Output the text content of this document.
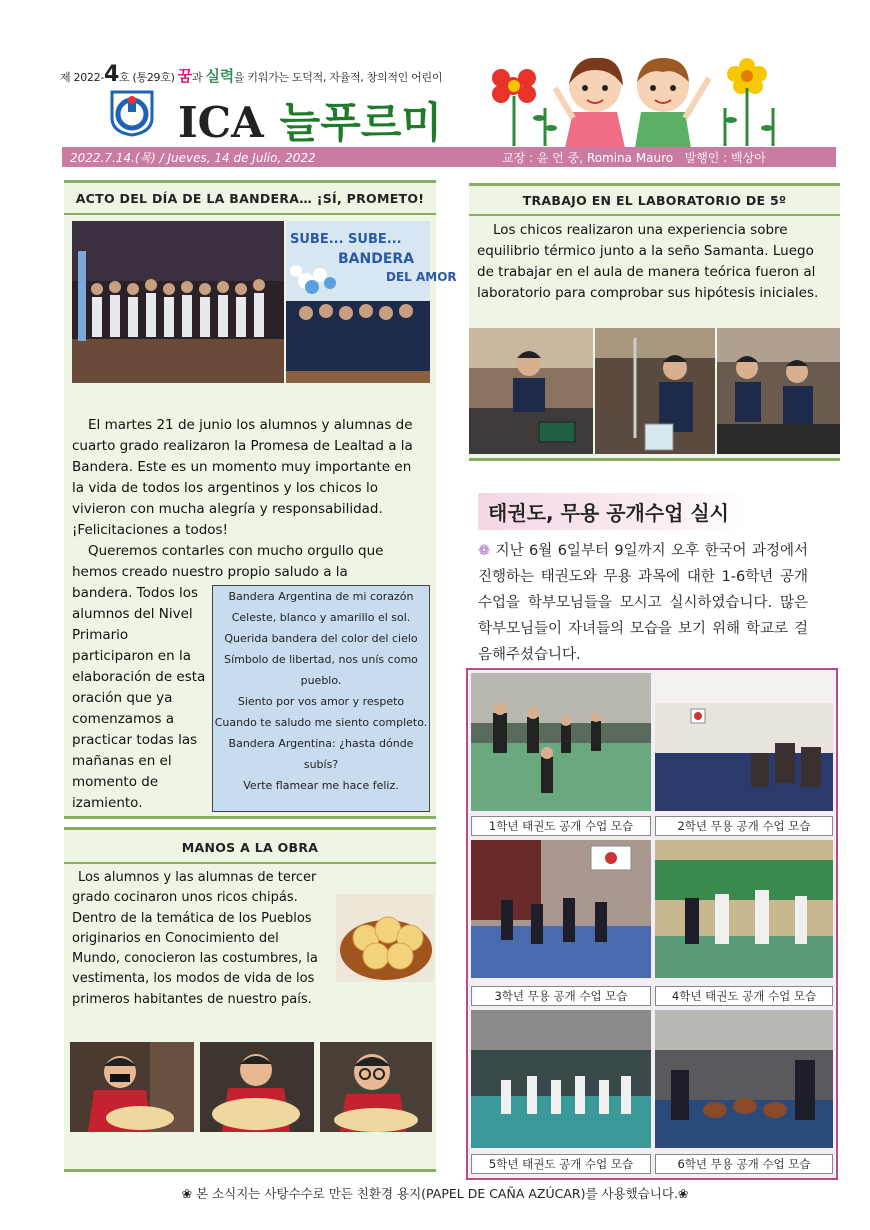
제 2022-4호 (통29호) 꿈과 실력을 키워가는 도덕적, 자율적, 창의적인 어린이
ICA 늘푸르미
2022.7.14.(목) / Jueves, 14 de Julio, 2022	교장 : 윤 언 중, Romina Mauro 발행인 : 백상아
ACTO DEL DÍA DE LA BANDERA… ¡SÍ, PROMETO!
SUBE... SUBE...
BANDERA
DEL AMOR
El martes 21 de junio los alumnos y alumnas de cuarto grado realizaron la Promesa de Lealtad a la Bandera. Este es un momento muy importante en la vida de todos los argentinos y los chicos lo vivieron con mucha alegría y responsabilidad. ¡Felicitaciones a todos!
Queremos contarles con mucho orgullo que hemos creado nuestro propio saludo a la
bandera. Todos los alumnos del Nivel Primario participaron en la elaboración de esta oración que ya comenzamos a practicar todas las mañanas en el momento de izamiento.
Bandera Argentina de mi corazón
Celeste, blanco y amarillo el sol.
Querida bandera del color del cielo
Símbolo de libertad, nos unís como pueblo.
Siento por vos amor y respeto
Cuando te saludo me siento completo.
Bandera Argentina: ¿hasta dónde subís?
Verte flamear me hace feliz.
MANOS A LA OBRA
Los alumnos y las alumnas de tercer grado cocinaron unos ricos chipás. Dentro de la temática de los Pueblos originarios en Conocimiento del Mundo, conocieron las costumbres, la vestimenta, los modos de vida de los primeros habitantes de nuestro país.
TRABAJO EN EL LABORATORIO DE 5º
Los chicos realizaron una experiencia sobre equilibrio térmico junto a la seño Samanta. Luego de trabajar en el aula de manera teórica fueron al laboratorio para comprobar sus hipótesis iniciales.
태권도, 무용 공개수업 실시
❁ 지난 6월 6일부터 9일까지 오후 한국어 과정에서 진행하는 태권도와 무용 과목에 대한 1-6학년 공개수업을 학부모님들을 모시고 실시하였습니다. 많은 학부모님들이 자녀들의 모습을 보기 위해 학교로 걸음해주셨습니다.
1학년 태권도 공개 수업 모습	2학년 무용 공개 수업 모습
3학년 무용 공개 수업 모습	4학년 태권도 공개 수업 모습
5학년 태권도 공개 수업 모습	6학년 무용 공개 수업 모습
❀ 본 소식지는 사탕수수로 만든 친환경 용지(PAPEL DE CAÑA AZÚCAR)를 사용했습니다.❀
